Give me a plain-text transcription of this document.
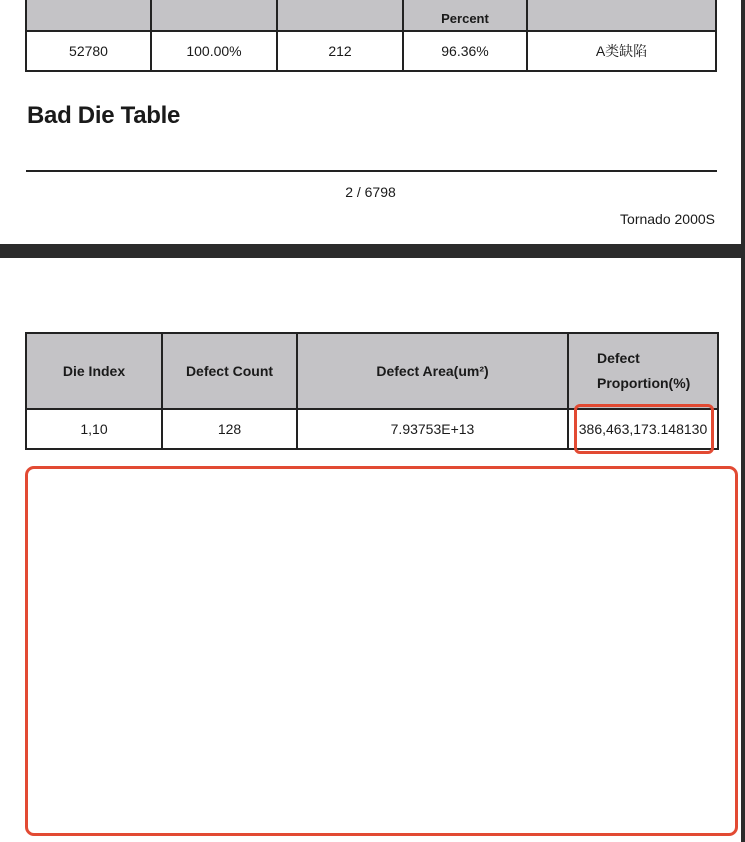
			Percent	

52780	100.00%	212	96.36%	A类缺陷
Bad Die Table
2 / 6798
Tornado 2000S
Die Index	Defect Count	Defect Area(um²)	Defect Proportion(%)
1,10	128	7.93753E+13	386,463,173.148130
